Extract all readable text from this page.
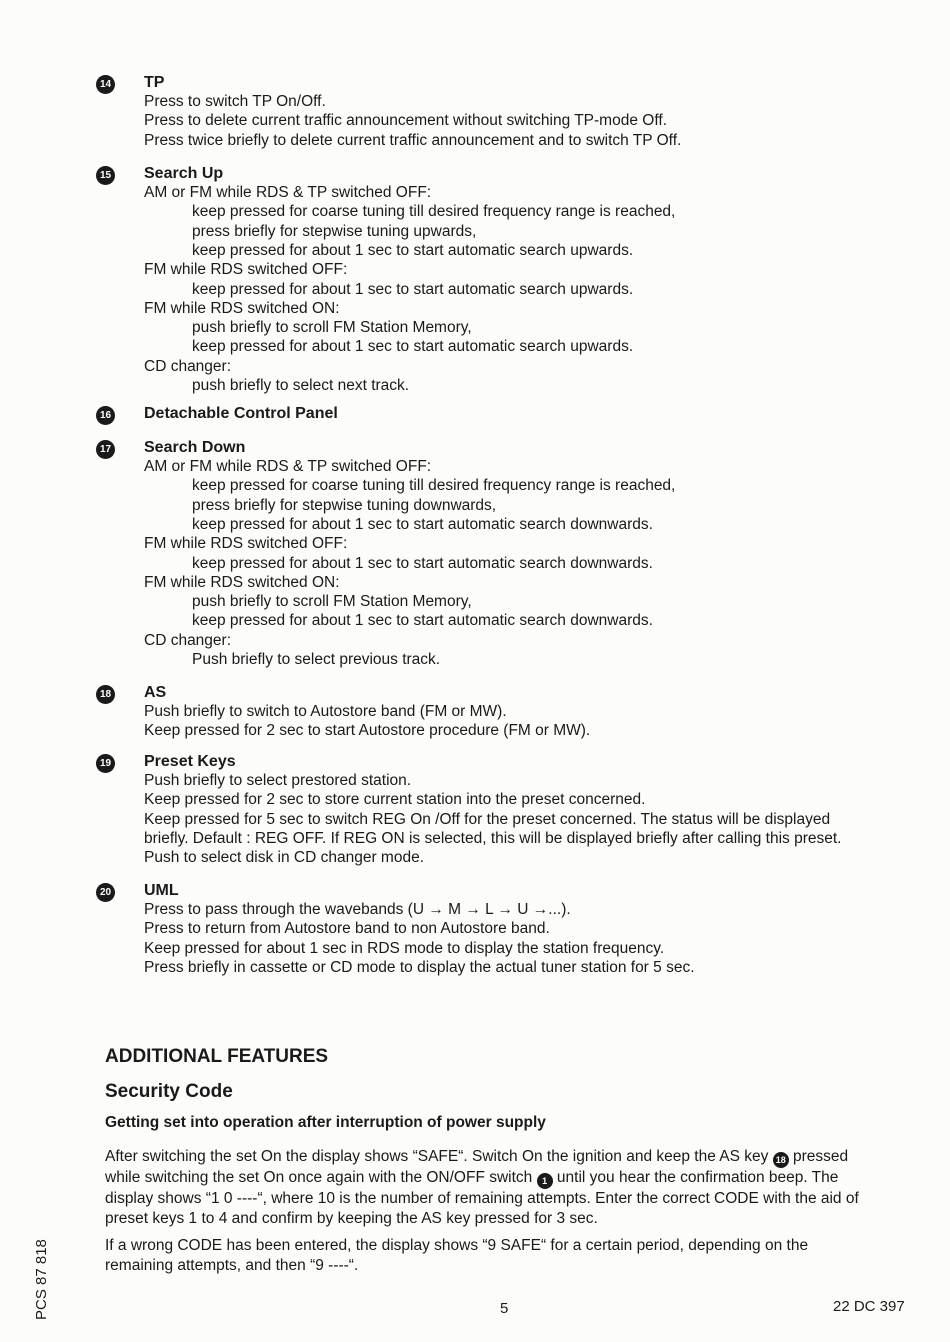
14 TP
Press to switch TP On/Off.
Press to delete current traffic announcement without switching TP-mode Off.
Press twice briefly to delete current traffic announcement and to switch TP Off.
15 Search Up
AM or FM while RDS & TP switched OFF:
keep pressed for coarse tuning till desired frequency range is reached,
press briefly for stepwise tuning upwards,
keep pressed for about 1 sec to start automatic search upwards.
FM while RDS switched OFF:
keep pressed for about 1 sec to start automatic search upwards.
FM while RDS switched ON:
push briefly to scroll FM Station Memory,
keep pressed for about 1 sec to start automatic search upwards.
CD changer:
push briefly to select next track.
16 Detachable Control Panel
17 Search Down
AM or FM while RDS & TP switched OFF:
keep pressed for coarse tuning till desired frequency range is reached,
press briefly for stepwise tuning downwards,
keep pressed for about 1 sec to start automatic search downwards.
FM while RDS switched OFF:
keep pressed for about 1 sec to start automatic search downwards.
FM while RDS switched ON:
push briefly to scroll FM Station Memory,
keep pressed for about 1 sec to start automatic search downwards.
CD changer:
Push briefly to select previous track.
18 AS
Push briefly to switch to Autostore band (FM or MW).
Keep pressed for 2 sec to start Autostore procedure (FM or MW).
19 Preset Keys
Push briefly to select prestored station.
Keep pressed for 2 sec to store current station into the preset concerned.
Keep pressed for 5 sec to switch REG On /Off for the preset concerned. The status will be displayed
briefly. Default : REG OFF. If REG ON is selected, this will be displayed briefly after calling this preset.
Push to select disk in CD changer mode.
20 UML
Press to pass through the wavebands (U → M → L → U →...).
Press to return from Autostore band to non Autostore band.
Keep pressed for about 1 sec in RDS mode to display the station frequency.
Press briefly in cassette or CD mode to display the actual tuner station for 5 sec.
ADDITIONAL FEATURES
Security Code
Getting set into operation after interruption of power supply
After switching the set On the display shows “SAFE“. Switch On the ignition and keep the AS key 18 pressed
while switching the set On once again with the ON/OFF switch 1 until you hear the confirmation beep. The
display shows “1 0 ----“, where 10 is the number of remaining attempts. Enter the correct CODE with the aid of
preset keys 1 to 4 and confirm by keeping the AS key pressed for 3 sec.
If a wrong CODE has been entered, the display shows “9 SAFE“ for a certain period, depending on the
remaining attempts, and then “9 ----“.
PCS 87 818	5	22 DC 397
